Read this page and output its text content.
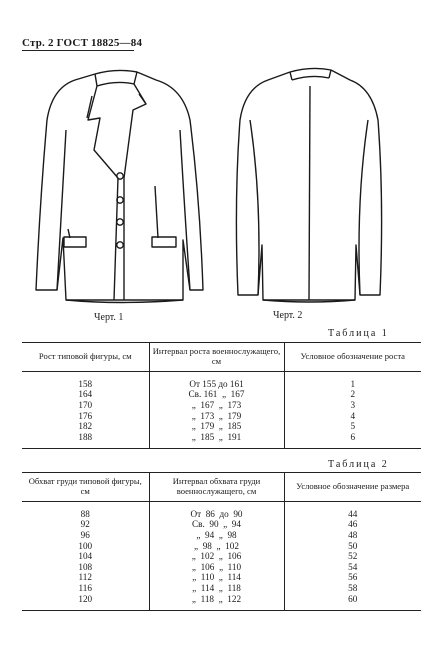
Стр. 2 ГОСТ 18825—84
Черт. 1	Черт. 2
Таблица 1
Рост типовой фигуры, см	Интервал роста военнослужащего, см	Условное обозначение роста
158	От 155 до 161	1
164	Св. 161  „  167	2
170	„  167  „  173	3
176	„  173  „  179	4
182	„  179  „  185	5
188	„  185  „  191	6
Таблица 2
Обхват груди типовой фигуры, см	Интервал обхвата груди военнослужащего, см	Условное обозначение размера
88	От  86  до  90	44
92	Св.  90  „  94	46
96	„  94  „  98	48
100	„  98  „  102	50
104	„  102  „  106	52
108	„  106  „  110	54
112	„  110  „  114	56
116	„  114  „  118	58
120	„  118  „  122	60
